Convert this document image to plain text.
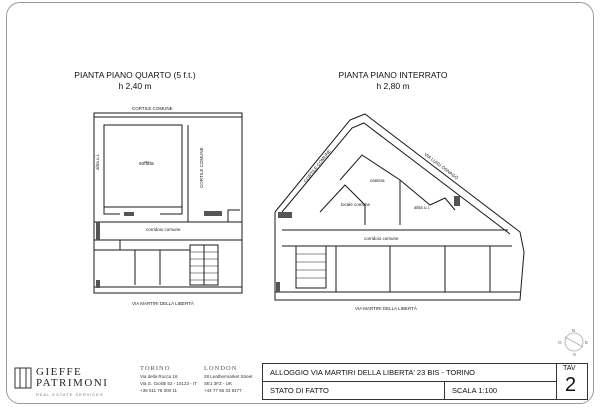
PIANTA PIANO QUARTO (5 f.t.)
h 2,40 m
PIANTA PIANO INTERRATO
h 2,80 m
CORTILE COMUNE
CORTILE COMUNE
altra u.i.	soffitta
corridoio comune
VIA MARTIRI DELLA LIBERTÀ
CORTILE COMUNE	VIA LUIGI OSNAGO
cantina
locale comune
altra u.i.
corridoio comune
VIA MARTIRI DELLA LIBERTÀ
N
S
E
O
GIEFFE
PATRIMONI
REAL ESTATE SERVICES
TORINO
Via della Rocca 18
Via G. Giolitti 52 - 10123 - IT
+39 011 76 000 11
LONDON
28 Leathermarket Street
SE1 3FZ - UK
+44 77 66 33 8477
ALLOGGIO VIA MARTIRI DELLA LIBERTA' 23 BIS - TORINO
STATO DI FATTO	SCALA 1:100
TAV
2
